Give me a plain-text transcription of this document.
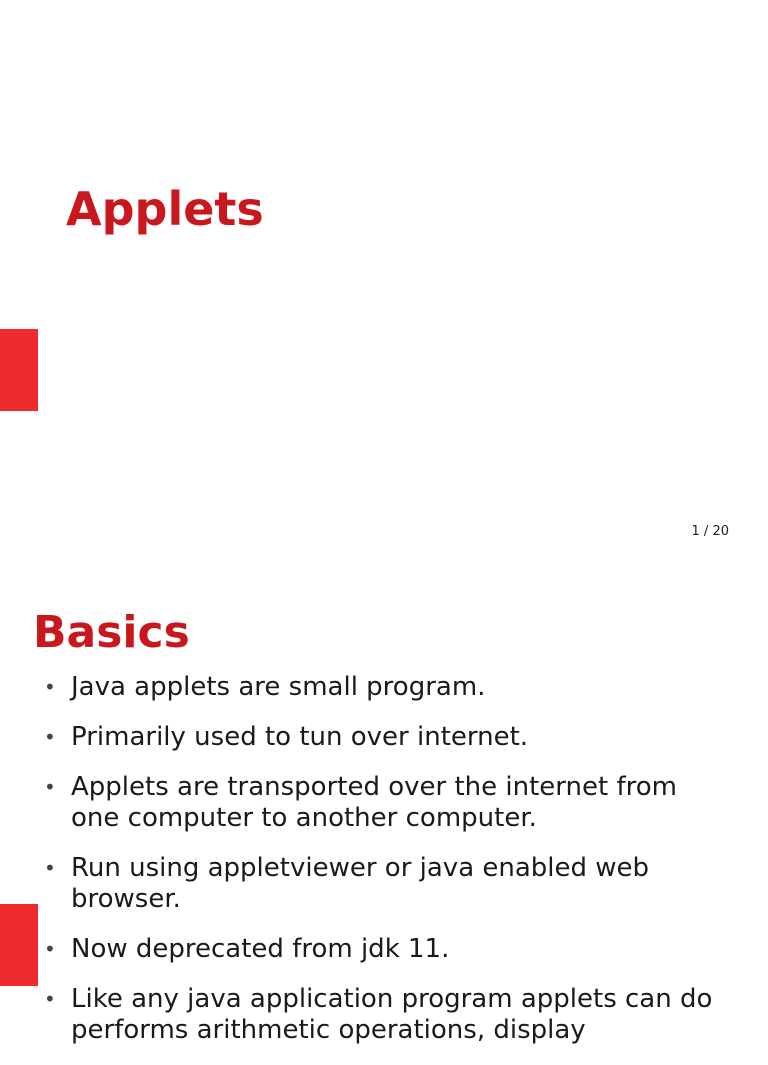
Applets
1 / 20
Basics
• Java applets are small program.
• Primarily used to tun over internet.
• Applets are transported over the internet from one computer to another computer.
• Run using appletviewer or java enabled web browser.
• Now deprecated from jdk 11.
• Like any java application program applets can do performs arithmetic operations, display
